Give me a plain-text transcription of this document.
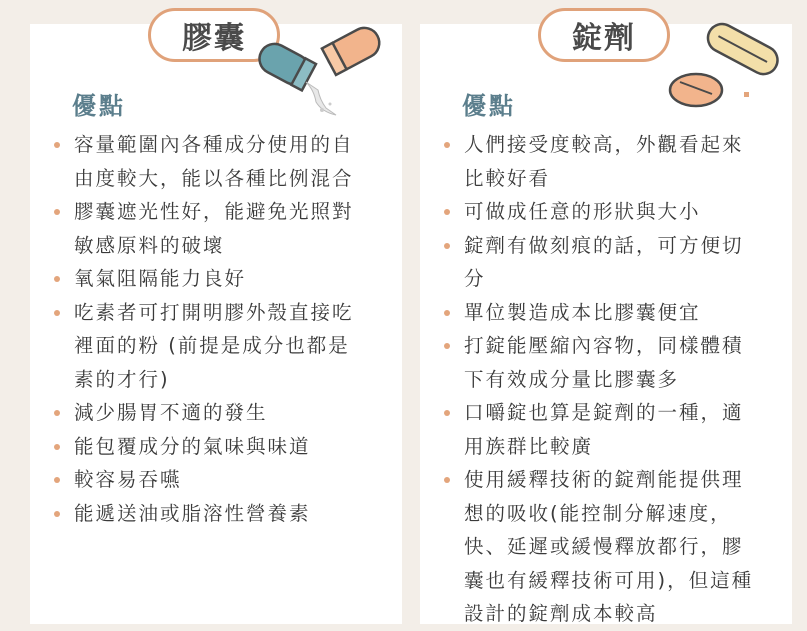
膠囊
優點
容量範圍內各種成分使用的自由度較大，能以各種比例混合
膠囊遮光性好，能避免光照對敏感原料的破壞
氧氣阻隔能力良好
吃素者可打開明膠外殼直接吃裡面的粉 (前提是成分也都是素的才行)
減少腸胃不適的發生
能包覆成分的氣味與味道
較容易吞嚥
能遞送油或脂溶性營養素
錠劑
優點
人們接受度較高，外觀看起來比較好看
可做成任意的形狀與大小
錠劑有做刻痕的話，可方便切分
單位製造成本比膠囊便宜
打錠能壓縮內容物，同樣體積下有效成分量比膠囊多
口嚼錠也算是錠劑的一種，適用族群比較廣
使用緩釋技術的錠劑能提供理想的吸收(能控制分解速度，快、延遲或緩慢釋放都行，膠囊也有緩釋技術可用)，但這種設計的錠劑成本較高
